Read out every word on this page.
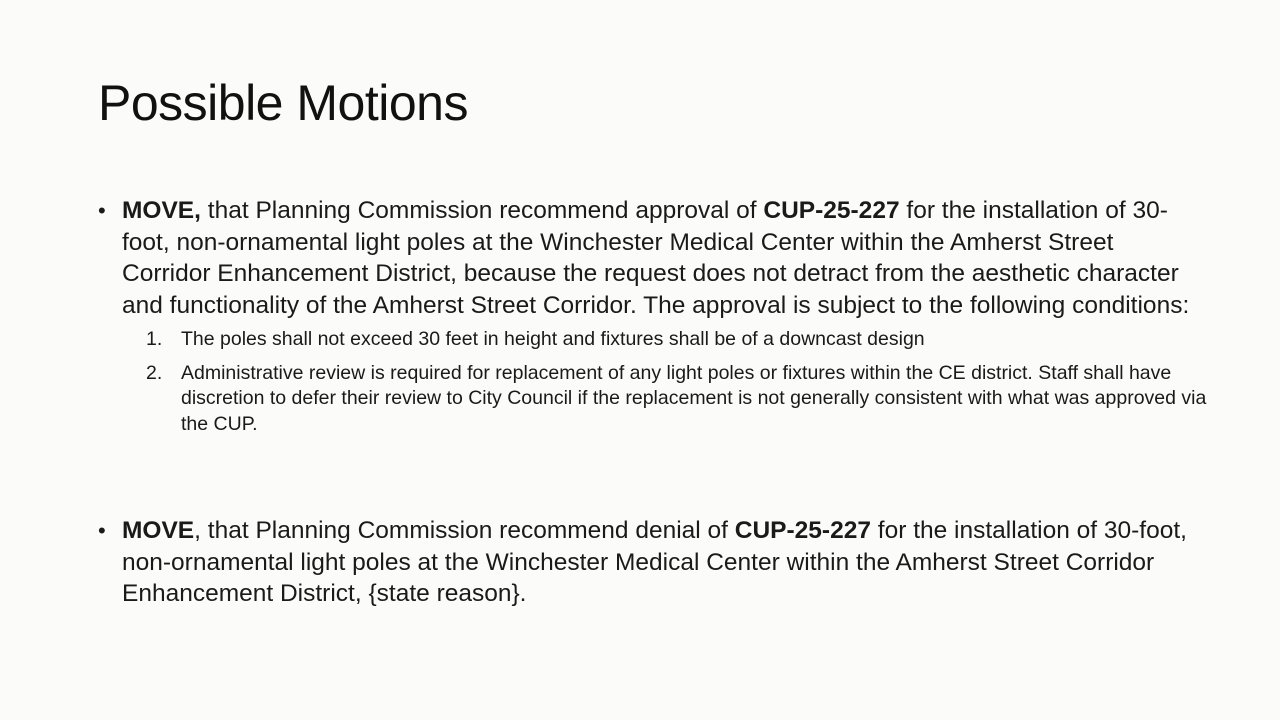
Possible Motions
• MOVE, that Planning Commission recommend approval of CUP-25-227 for the installation of 30-foot, non-ornamental light poles at the Winchester Medical Center within the Amherst Street Corridor Enhancement District, because the request does not detract from the aesthetic character and functionality of the Amherst Street Corridor. The approval is subject to the following conditions:
1. The poles shall not exceed 30 feet in height and fixtures shall be of a downcast design
2. Administrative review is required for replacement of any light poles or fixtures within the CE district. Staff shall have discretion to defer their review to City Council if the replacement is not generally consistent with what was approved via the CUP.
• MOVE, that Planning Commission recommend denial of CUP-25-227 for the installation of 30-foot, non-ornamental light poles at the Winchester Medical Center within the Amherst Street Corridor Enhancement District, {state reason}.
